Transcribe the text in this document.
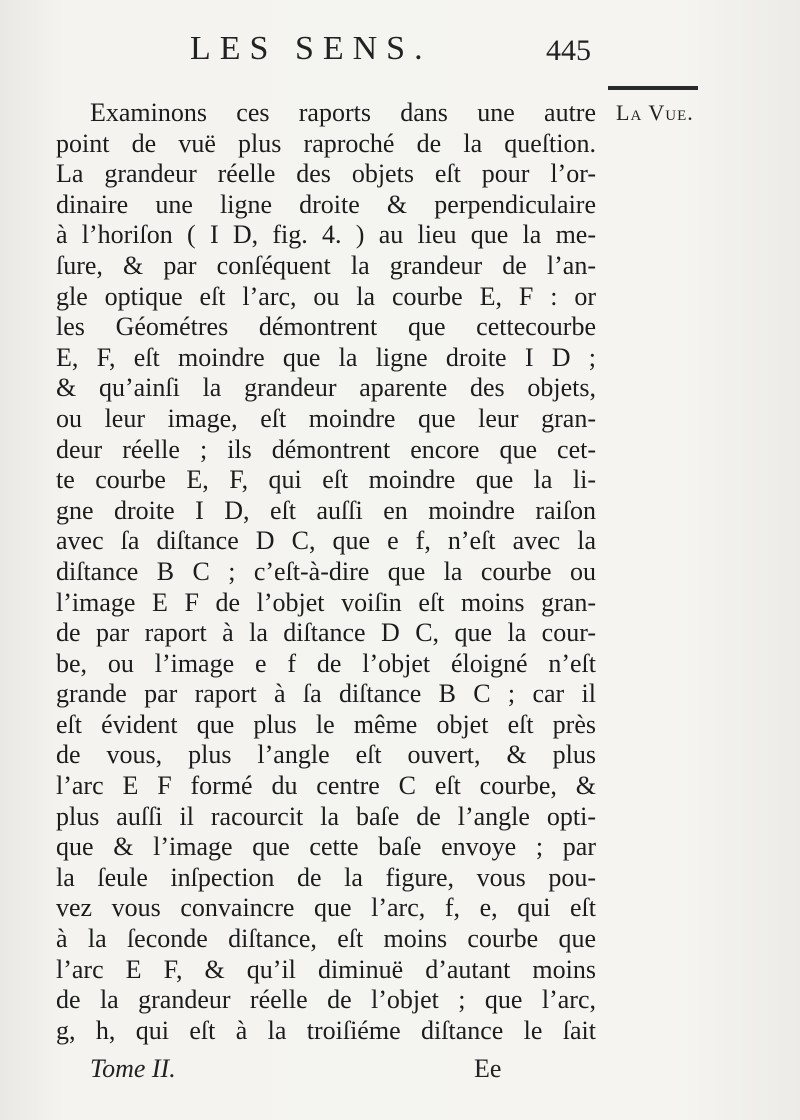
LES SENS.	445
La Vue.
Examinons ces raports dans une autre
point de vuë plus raproché de la queſtion.
La grandeur réelle des objets eſt pour l’or-
dinaire une ligne droite & perpendiculaire
à l’horiſon ( I D, fig. 4. ) au lieu que la me-
ſure, & par conſéquent la grandeur de l’an-
gle optique eſt l’arc, ou la courbe E, F : or
les Géométres démontrent que cettecourbe
E, F, eſt moindre que la ligne droite I D ;
& qu’ainſi la grandeur aparente des objets,
ou leur image, eſt moindre que leur gran-
deur réelle ; ils démontrent encore que cet-
te courbe E, F, qui eſt moindre que la li-
gne droite I D, eſt auſſi en moindre raiſon
avec ſa diſtance D C, que e f, n’eſt avec la
diſtance B C ; c’eſt-à-dire que la courbe ou
l’image E F de l’objet voiſin eſt moins gran-
de par raport à la diſtance D C, que la cour-
be, ou l’image e f de l’objet éloigné n’eſt
grande par raport à ſa diſtance B C ; car il
eſt évident que plus le même objet eſt près
de vous, plus l’angle eſt ouvert, & plus
l’arc E F formé du centre C eſt courbe, &
plus auſſi il racourcit la baſe de l’angle opti-
que & l’image que cette baſe envoye ; par
la ſeule inſpection de la figure, vous pou-
vez vous convaincre que l’arc, f, e, qui eſt
à la ſeconde diſtance, eſt moins courbe que
l’arc E F, & qu’il diminuë d’autant moins
de la grandeur réelle de l’objet ; que l’arc,
g, h, qui eſt à la troiſiéme diſtance le ſait
Tome II.	Ee
